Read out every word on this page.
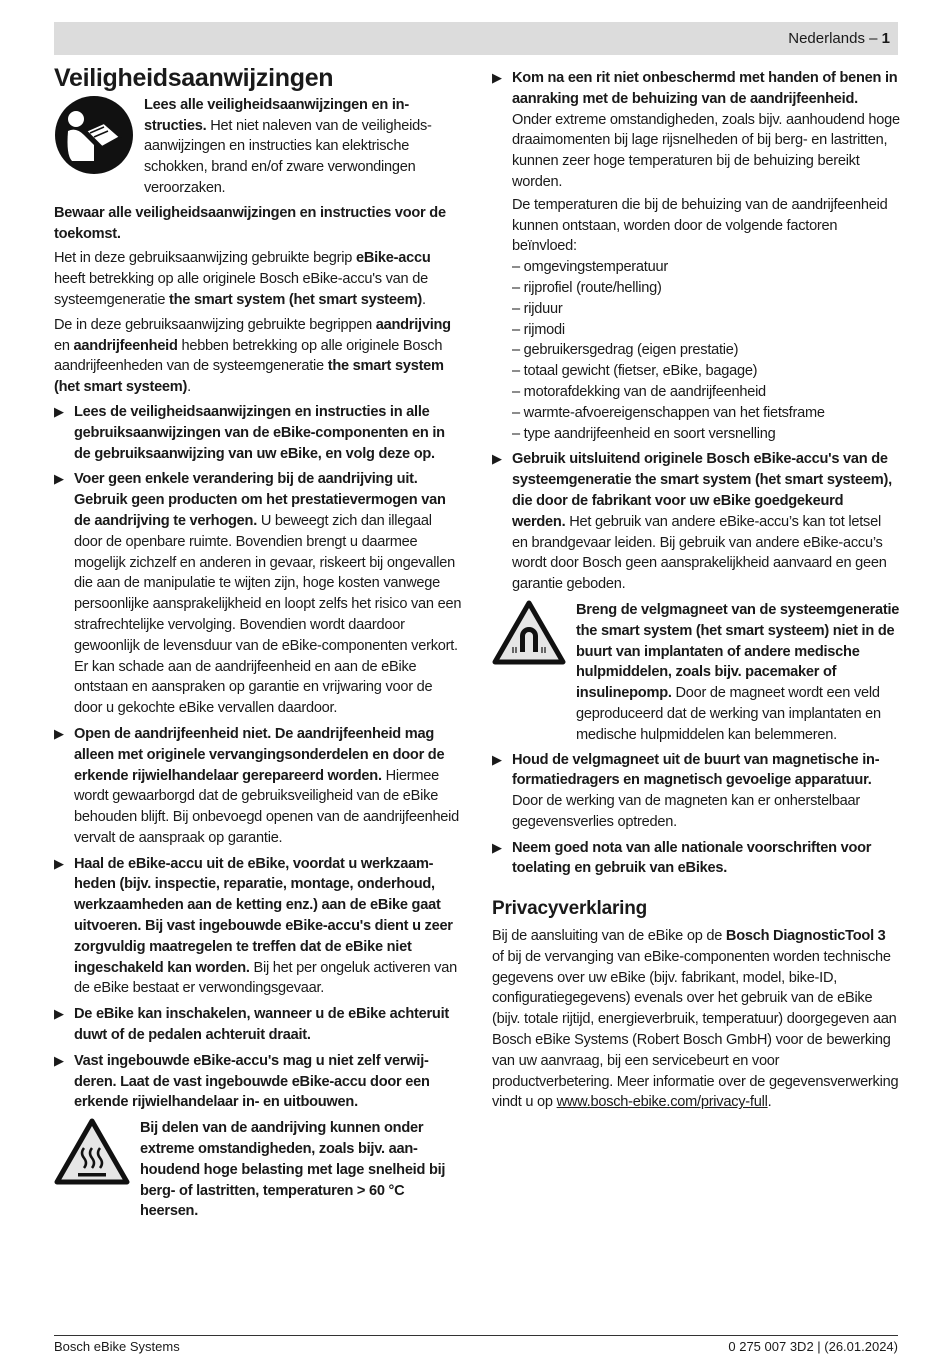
Nederlands – 1
Veiligheidsaanwijzingen
Lees alle veiligheidsaanwijzingen en instructies. Het niet naleven van de veiligheidsaanwijzingen en instructies kan elektrische schokken, brand en/of zware verwondingen veroorzaken.

Bewaar alle veiligheidsaanwijzingen en instructies voor de toekomst.

Het in deze gebruiksaanwijzing gebruikte begrip eBike-accu heeft betrekking op alle originele Bosch eBike-accu's van de systeemgeneratie the smart system (het smart systeem).

De in deze gebruiksaanwijzing gebruikte begrippen aandrijving en aandrijfeenheid hebben betrekking op alle originele Bosch aandrijfeenheden van de systeemgeneratie the smart system (het smart systeem).

▶ Lees de veiligheidsaanwijzingen en instructies in alle gebruiksaanwijzingen van de eBike-componenten en in de gebruiksaanwijzing van uw eBike, en volg deze op.
▶ Voer geen enkele verandering bij de aandrijving uit. Gebruik geen producten om het prestatievermogen van de aandrijving te verhogen. U beweegt zich dan illegaal door de openbare ruimte. Bovendien brengt u daarmee mogelijk zichzelf en anderen in gevaar, riskeert bij ongevallen die aan de manipulatie te wijten zijn, hoge kosten vanwege persoonlijke aansprakelijkheid en loopt zelfs het risico van een strafrechtelijke vervolging. Bovendien wordt daardoor gewoonlijk de levensduur van de eBike-componenten verkort. Er kan schade aan de aandrijfeenheid en aan de eBike ontstaan en aanspraken op garantie en vrijwaring voor de door u gekochte eBike vervallen daardoor.
▶ Open de aandrijfeenheid niet. De aandrijfeenheid mag alleen met originele vervangingsonderdelen en door de erkende rijwielhandelaar gerepareerd worden. Hiermee wordt gewaarborgd dat de gebruiksveiligheid van de eBike behouden blijft. Bij onbevoegd openen van de aandrijfeenheid vervalt de aanspraak op garantie.
▶ Haal de eBike-accu uit de eBike, voordat u werkzaamheden (bijv. inspectie, reparatie, montage, onderhoud, werkzaamheden aan de ketting enz.) aan de eBike gaat uitvoeren. Bij vast ingebouwde eBike-accu's dient u zeer zorgvuldig maatregelen te treffen dat de eBike niet ingeschakeld kan worden. Bij het per ongeluk activeren van de eBike bestaat er verwondingsgevaar.
▶ De eBike kan inschakelen, wanneer u de eBike achteruit duwt of de pedalen achteruit draait.
▶ Vast ingebouwde eBike-accu's mag u niet zelf verwijderen. Laat de vast ingebouwde eBike-accu door een erkende rijwielhandelaar in- en uitbouwen.
Bij delen van de aandrijving kunnen onder extreme omstandigheden, zoals bijv. aanhoudend hoge belasting met lage snelheid bij berg- of lastritten, temperaturen > 60 °C heersen.
▶ Kom na een rit niet onbeschermd met handen of benen in aanraking met de behuizing van de aandrijfeenheid. Onder extreme omstandigheden, zoals bijv. aanhoudend hoge draaimomenten bij lage rijsnelheden of bij berg- en lastritten, kunnen zeer hoge temperaturen bij de behuizing bereikt worden.
De temperaturen die bij de behuizing van de aandrijfeenheid kunnen ontstaan, worden door de volgende factoren beïnvloed:
– omgevingstemperatuur
– rijprofiel (route/helling)
– rijduur
– rijmodi
– gebruikersgedrag (eigen prestatie)
– totaal gewicht (fietser, eBike, bagage)
– motorafdekking van de aandrijfeenheid
– warmte-afvoereigenschappen van het fietsframe
– type aandrijfeenheid en soort versnelling
▶ Gebruik uitsluitend originele Bosch eBike-accu's van de systeemgeneratie the smart system (het smart systeem), die door de fabrikant voor uw eBike goedgekeurd werden. Het gebruik van andere eBike-accu’s kan tot letsel en brandgevaar leiden. Bij gebruik van andere eBike-accu’s wordt door Bosch geen aansprakelijkheid aanvaard en geen garantie geboden.
Breng de velgmagneet van de systeemgeneratie the smart system (het smart systeem) niet in de buurt van implantaten of andere medische hulpmiddelen, zoals bijv. pacemaker of insulinepomp. Door de magneet wordt een veld geproduceerd dat de werking van implantaten en medische hulpmiddelen kan belemmeren.
▶ Houd de velgmagneet uit de buurt van magnetische informatiedragers en magnetisch gevoelige apparatuur. Door de werking van de magneten kan er onherstelbaar gegevensverlies optreden.
▶ Neem goed nota van alle nationale voorschriften voor toelating en gebruik van eBikes.
Privacyverklaring

Bij de aansluiting van de eBike op de Bosch DiagnosticTool 3 of bij de vervanging van eBike-componenten worden technische gegevens over uw eBike (bijv. fabrikant, model, bike-ID, configuratiegegevens) evenals over het gebruik van de eBike (bijv. totale rijtijd, energieverbruik, temperatuur) doorgegeven aan Bosch eBike Systems (Robert Bosch GmbH) voor de bewerking van uw aanvraag, bij een servicebeurt en voor productverbetering. Meer informatie over de gegevensverwerking vindt u op www.bosch-ebike.com/privacy-full.

Bosch eBike Systems	0 275 007 3D2 | (26.01.2024)
